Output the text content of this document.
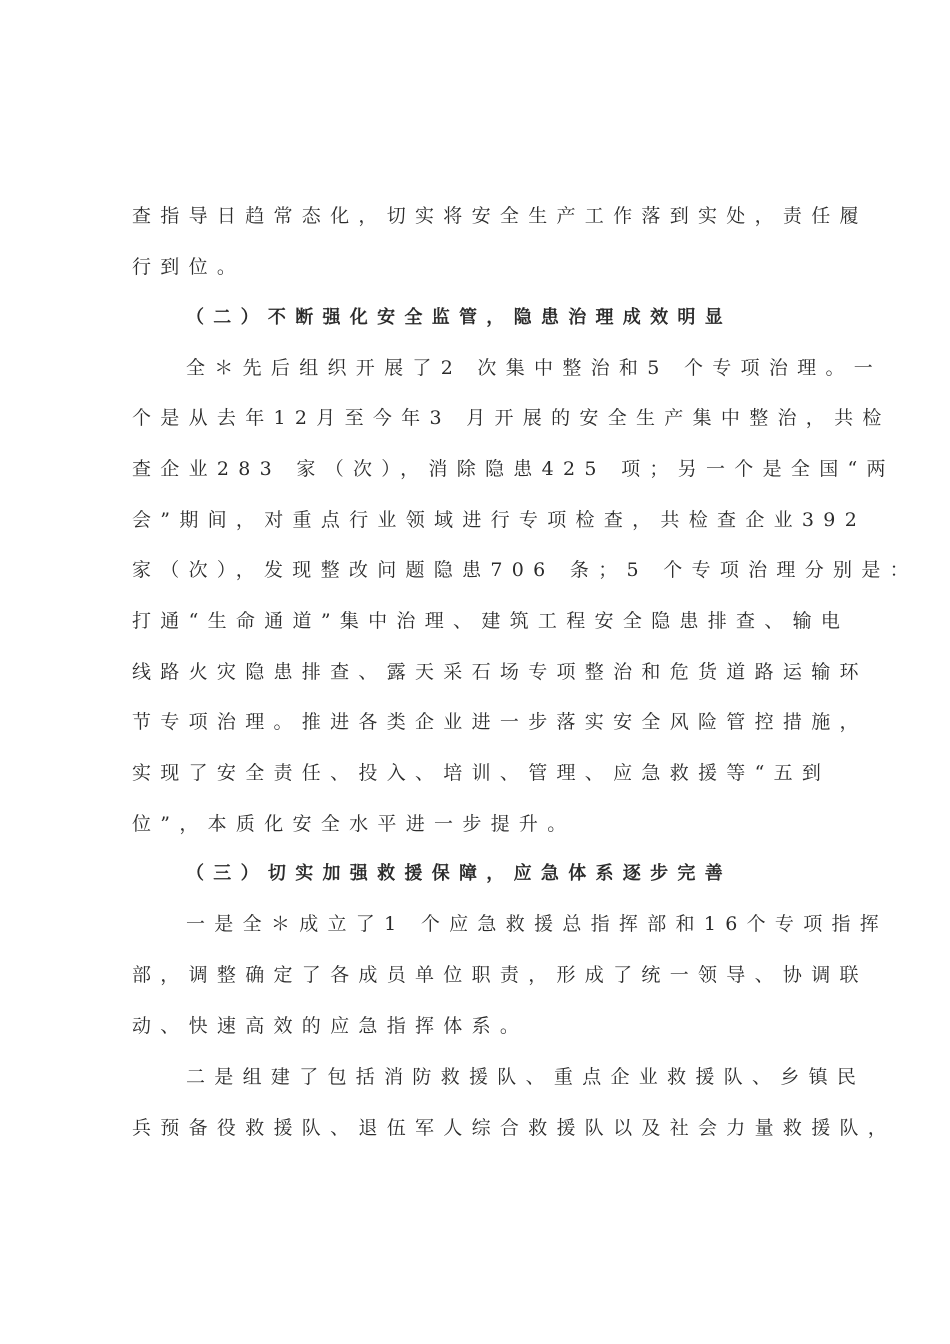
查指导日趋常态化，切实将安全生产工作落到实处，责任履
行到位。
（二）不断强化安全监管，隐患治理成效明显
全＊先后组织开展了2 次集中整治和5 个专项治理。一
个是从去年12月至今年3 月开展的安全生产集中整治，共检
查企业283 家（次），消除隐患425 项；另一个是全国“两
会”期间，对重点行业领域进行专项检查，共检查企业392
家（次），发现整改问题隐患706 条；5 个专项治理分别是：
打通“生命通道”集中治理、建筑工程安全隐患排查、输电
线路火灾隐患排查、露天采石场专项整治和危货道路运输环
节专项治理。推进各类企业进一步落实安全风险管控措施，
实现了安全责任、投入、培训、管理、应急救援等“五到
位”，本质化安全水平进一步提升。
（三）切实加强救援保障，应急体系逐步完善
一是全＊成立了1 个应急救援总指挥部和16个专项指挥
部，调整确定了各成员单位职责，形成了统一领导、协调联
动、快速高效的应急指挥体系。
二是组建了包括消防救援队、重点企业救援队、乡镇民
兵预备役救援队、退伍军人综合救援队以及社会力量救援队，
